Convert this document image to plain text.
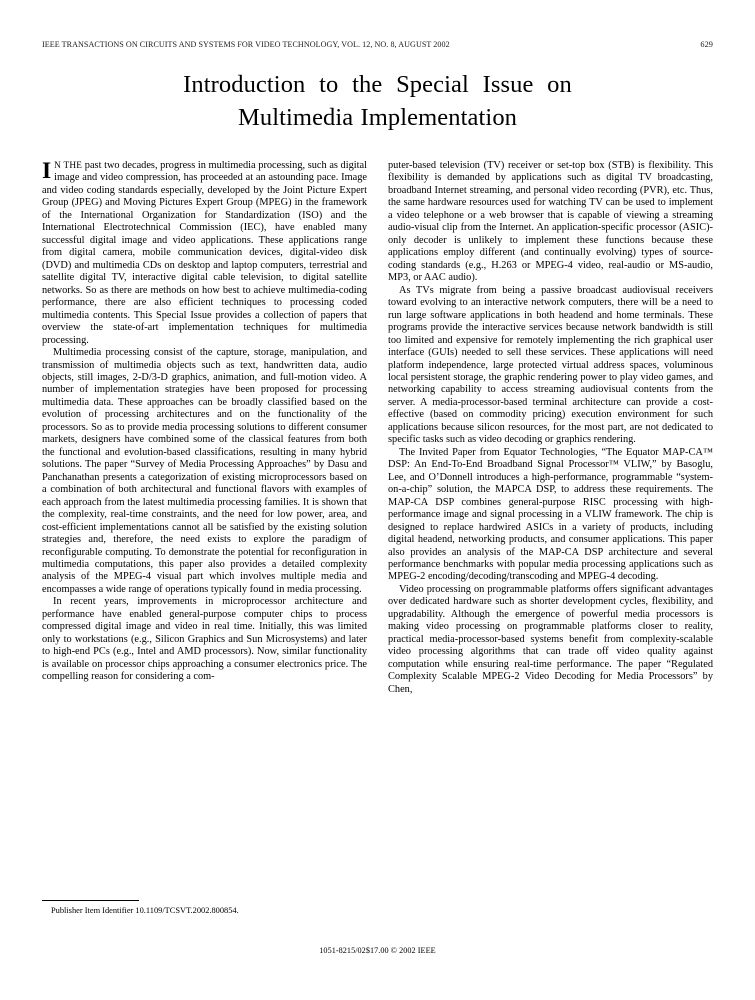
IEEE TRANSACTIONS ON CIRCUITS AND SYSTEMS FOR VIDEO TECHNOLOGY, VOL. 12, NO. 8, AUGUST 2002	629
Introduction to the Special Issue on
Multimedia Implementation

I N THE past two decades, progress in multimedia processing, such as digital image and video compression, has proceeded at an astounding pace. Image and video coding standards especially, developed by the Joint Picture Expert Group (JPEG) and Moving Pictures Expert Group (MPEG) in the framework of the International Organization for Standardization (ISO) and the International Electrotechnical Commission (IEC), have enabled many successful digital image and video applications. These applications range from digital camera, mobile communication devices, digital-video disk (DVD) and multimedia CDs on desktop and laptop computers, terrestrial and satellite digital TV, interactive digital cable television, to digital satellite networks. So as there are methods on how best to achieve multimedia-coding performance, there are also efficient techniques to processing coded multimedia contents. This Special Issue provides a collection of papers that overview the state-of-art implementation techniques for multimedia processing.

Multimedia processing consist of the capture, storage, manipulation, and transmission of multimedia objects such as text, handwritten data, audio objects, still images, 2-D/3-D graphics, animation, and full-motion video. A number of implementation strategies have been proposed for processing multimedia data. These approaches can be broadly classified based on the evolution of processing architectures and on the functionality of the processors. So as to provide media processing solutions to different consumer markets, designers have combined some of the classical features from both the functional and evolution-based classifications, resulting in many hybrid solutions. The paper “Survey of Media Processing Approaches” by Dasu and Panchanathan presents a categorization of existing microprocessors based on a combination of both architectural and functional flavors with examples of each approach from the latest multimedia processing families. It is shown that the complexity, real-time constraints, and the need for low power, area, and cost-efficient implementations cannot all be satisfied by the existing solution strategies and, therefore, the need exists to explore the paradigm of reconfigurable computing. To demonstrate the potential for reconfiguration in multimedia computations, this paper also provides a detailed complexity analysis of the MPEG-4 visual part which involves multiple media and encompasses a wide range of operations typically found in media processing.

In recent years, improvements in microprocessor architecture and performance have enabled general-purpose computer chips to process compressed digital image and video in real time. Initially, this was limited only to workstations (e.g., Silicon Graphics and Sun Microsystems) and later to high-end PCs (e.g., Intel and AMD processors). Now, similar functionality is available on processor chips approaching a consumer electronics price. The compelling reason for considering a com-

puter-based television (TV) receiver or set-top box (STB) is flexibility. This flexibility is demanded by applications such as digital TV broadcasting, broadband Internet streaming, and personal video recording (PVR), etc. Thus, the same hardware resources used for watching TV can be used to implement a video telephone or a web browser that is capable of viewing a streaming audio-visual clip from the Internet. An application-specific processor (ASIC)-only decoder is unlikely to implement these functions because these applications employ different (and continually evolving) types of source-coding standards (e.g., H.263 or MPEG-4 video, real-audio or MS-audio, MP3, or AAC audio).

As TVs migrate from being a passive broadcast audiovisual receivers toward evolving to an interactive network computers, there will be a need to run large software applications in both headend and home terminals. These programs provide the interactive services because network bandwidth is still too limited and expensive for remotely implementing the rich graphical user interface (GUIs) needed to sell these services. These applications will need platform independence, large protected virtual address spaces, voluminous local persistent storage, the graphic rendering power to play video games, and networking capability to access streaming audiovisual contents from the server. A media-processor-based terminal architecture can provide a cost-effective (based on commodity pricing) execution environment for such applications because silicon resources, for the most part, are not dedicated to specific tasks such as video decoding or graphics rendering.

The Invited Paper from Equator Technologies, “The Equator MAP-CA™ DSP: An End-To-End Broadband Signal Processor™ VLIW,” by Basoglu, Lee, and O’Donnell introduces a high-performance, programmable “system-on-a-chip” solution, the MAPCA DSP, to address these requirements. The MAP-CA DSP combines general-purpose RISC processing with high-performance image and signal processing in a VLIW framework. The chip is designed to replace hardwired ASICs in a variety of products, including digital headend, networking products, and consumer applications. This paper also provides an analysis of the MAP-CA DSP architecture and several performance benchmarks with popular media processing applications such as MPEG-2 encoding/decoding/transcoding and MPEG-4 decoding.

Video processing on programmable platforms offers significant advantages over dedicated hardware such as shorter development cycles, flexibility, and upgradability. Although the emergence of powerful media processors is making video processing on programmable platforms closer to reality, practical media-processor-based systems benefit from complexity-scalable video processing algorithms that can trade off video quality against computation while ensuring real-time performance. The paper “Regulated Complexity Scalable MPEG-2 Video Decoding for Media Processors” by Chen,

Publisher Item Identifier 10.1109/TCSVT.2002.800854.
1051-8215/02$17.00 © 2002 IEEE
